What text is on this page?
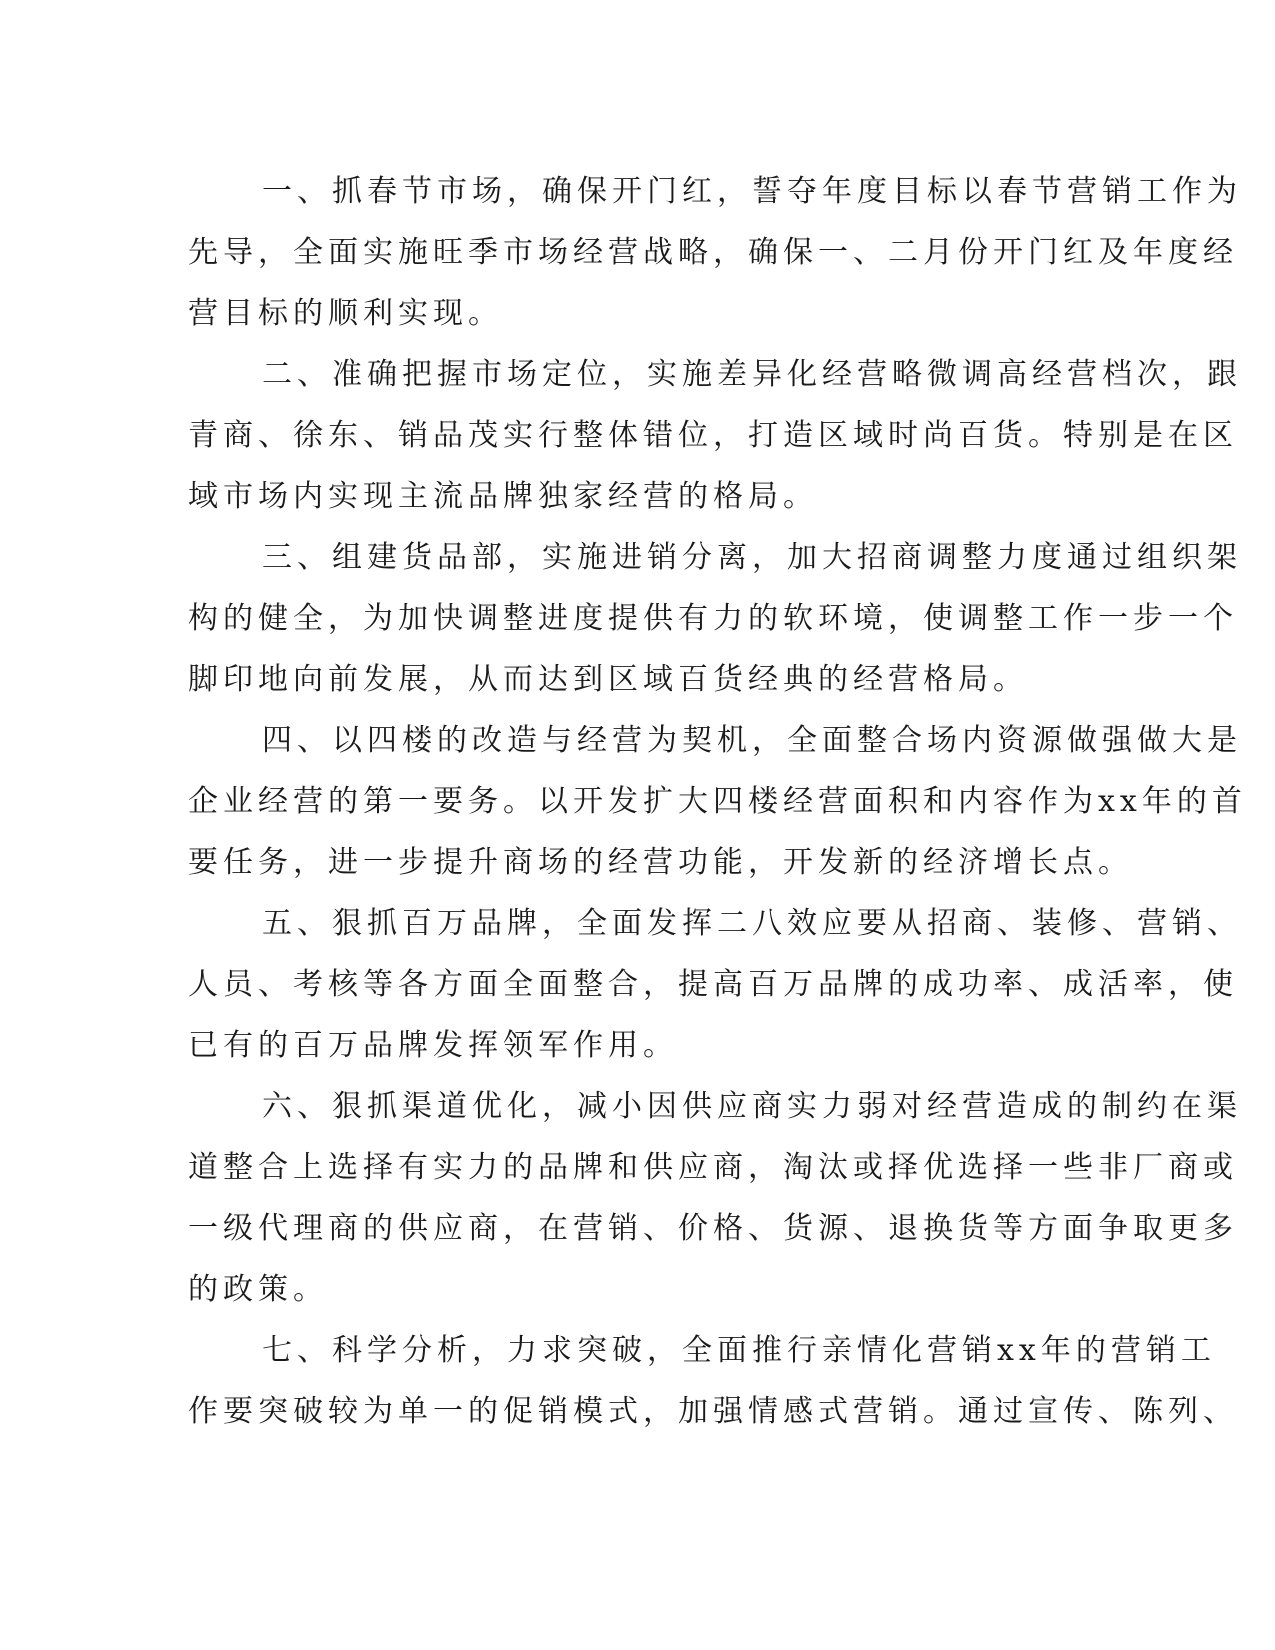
一、抓春节市场，确保开门红，誓夺年度目标以春节营销工作为
先导，全面实施旺季市场经营战略，确保一、二月份开门红及年度经
营目标的顺利实现。

二、准确把握市场定位，实施差异化经营略微调高经营档次，跟
青商、徐东、销品茂实行整体错位，打造区域时尚百货。特别是在区
域市场内实现主流品牌独家经营的格局。

三、组建货品部，实施进销分离，加大招商调整力度通过组织架
构的健全，为加快调整进度提供有力的软环境，使调整工作一步一个
脚印地向前发展，从而达到区域百货经典的经营格局。

四、以四楼的改造与经营为契机，全面整合场内资源做强做大是
企业经营的第一要务。以开发扩大四楼经营面积和内容作为xx年的首
要任务，进一步提升商场的经营功能，开发新的经济增长点。

五、狠抓百万品牌，全面发挥二八效应要从招商、装修、营销、
人员、考核等各方面全面整合，提高百万品牌的成功率、成活率，使
已有的百万品牌发挥领军作用。

六、狠抓渠道优化，减小因供应商实力弱对经营造成的制约在渠
道整合上选择有实力的品牌和供应商，淘汰或择优选择一些非厂商或
一级代理商的供应商，在营销、价格、货源、退换货等方面争取更多
的政策。

七、科学分析，力求突破，全面推行亲情化营销xx年的营销工
作要突破较为单一的促销模式，加强情感式营销。通过宣传、陈列、
